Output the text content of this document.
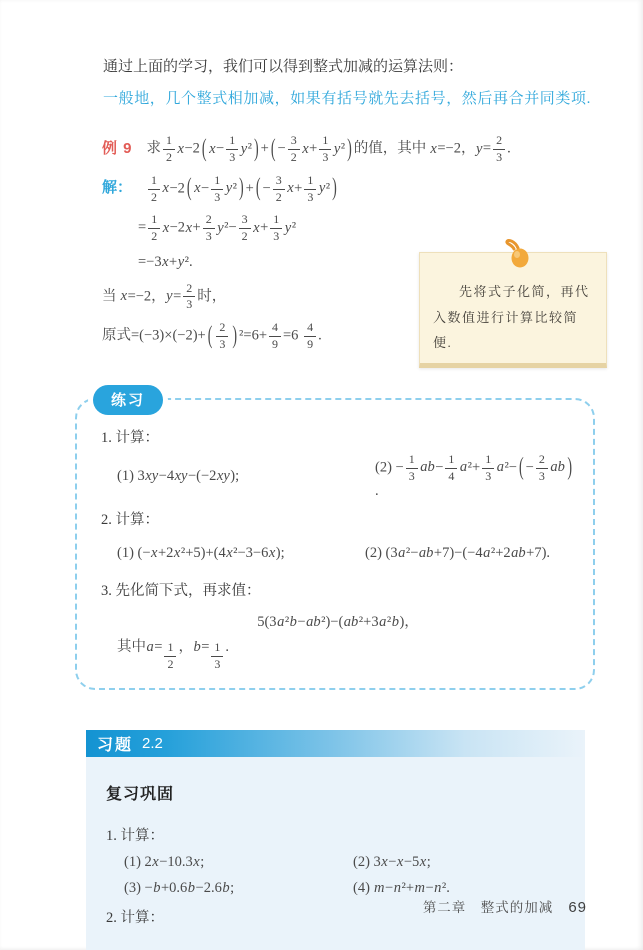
通过上面的学习，我们可以得到整式加减的运算法则：

一般地，几个整式相加减，如果有括号就先去括号，然后再合并同类项.

例 9 求 $\frac{1}{2} x-2$ ( $x- \frac{1}{3} y^2$ ) + ( − $\frac{3}{2} x+ \frac{1}{3} y^2$ ) 的值，其中 x=−2，$y= \frac{2}{3}$ .
解： $\frac{1}{2} x-2$ ( $x- \frac{1}{3} y^2$ ) + ( − $\frac{3}{2} x+ \frac{1}{3} y^2$ )
= $\frac{1}{2} x-2x+ \frac{2}{3} y^2- \frac{3}{2} x+ \frac{1}{3} y^2$
=−3x+y².
当 x=−2，$y= \frac{2}{3}$ 时，
原式=(−3)×(−2)+ ( $\frac{2}{3}$ ) $^2=6+ \frac{4}{9} =6 \frac{4}{9}$ .

先将式子化简，再代入数值进行计算比较简便.

练习

1. 计算：

(1) 3xy−4xy−(−2xy);
$(2) - \frac{1}{3} ab- \frac{1}{4} a^2+ \frac{1}{3} a^2-$ ( − $\frac{2}{3}$ ab ).

2. 计算：

(1) (−x+2x²+5)+(4x²−3−6x);	(2) (3a²−ab+7)−(−4a²+2ab+7).

3. 先化简下式，再求值：

5(3a²b−ab²)−(ab²+3a²b)，

其中 a = 1
2
， b = 1
3
.

习题 2.2
复习巩固

1. 计算：

(1) 2x−10.3x;	(2) 3x−x−5x;
(3) −b+0.6b−2.6b;	(4) m−n²+m−n².

2. 计算：

第二章　整式的加减 69
